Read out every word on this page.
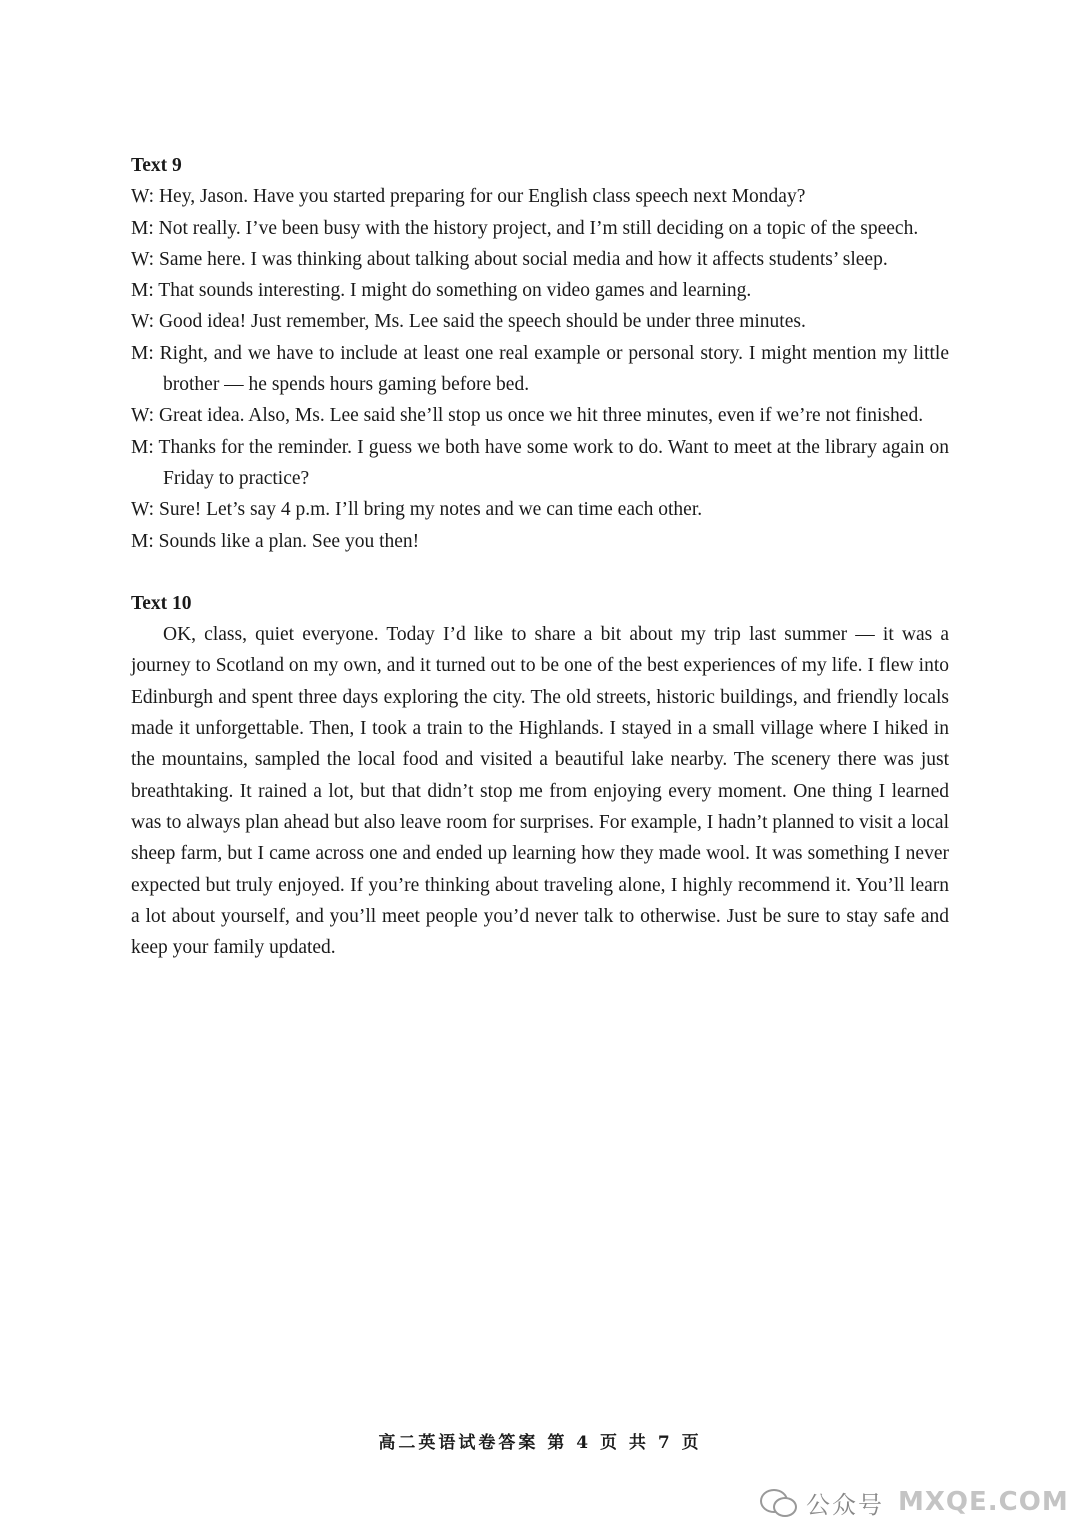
Text 9

W: Hey, Jason. Have you started preparing for our English class speech next Monday?
M: Not really. I’ve been busy with the history project, and I’m still deciding on a topic of the speech.
W: Same here. I was thinking about talking about social media and how it affects students’ sleep.
M: That sounds interesting. I might do something on video games and learning.
W: Good idea! Just remember, Ms. Lee said the speech should be under three minutes.
M: Right, and we have to include at least one real example or personal story. I might mention my little brother — he spends hours gaming before bed.
W: Great idea. Also, Ms. Lee said she’ll stop us once we hit three minutes, even if we’re not finished.
M: Thanks for the reminder. I guess we both have some work to do. Want to meet at the library again on Friday to practice?
W: Sure! Let’s say 4 p.m. I’ll bring my notes and we can time each other.
M: Sounds like a plan. See you then!

Text 10

OK, class, quiet everyone. Today I’d like to share a bit about my trip last summer — it was a journey to Scotland on my own, and it turned out to be one of the best experiences of my life. I flew into Edinburgh and spent three days exploring the city. The old streets, historic buildings, and friendly locals made it unforgettable. Then, I took a train to the Highlands. I stayed in a small village where I hiked in the mountains, sampled the local food and visited a beautiful lake nearby. The scenery there was just breathtaking. It rained a lot, but that didn’t stop me from enjoying every moment. One thing I learned was to always plan ahead but also leave room for surprises. For example, I hadn’t planned to visit a local sheep farm, but I came across one and ended up learning how they made wool. It was something I never expected but truly enjoyed. If you’re thinking about traveling alone, I highly recommend it. You’ll learn a lot about yourself, and you’ll meet people you’d never talk to otherwise. Just be sure to stay safe and keep your family updated.

高二英语试卷答案 第 4 页 共 7 页
公众号 MXQE.COM
